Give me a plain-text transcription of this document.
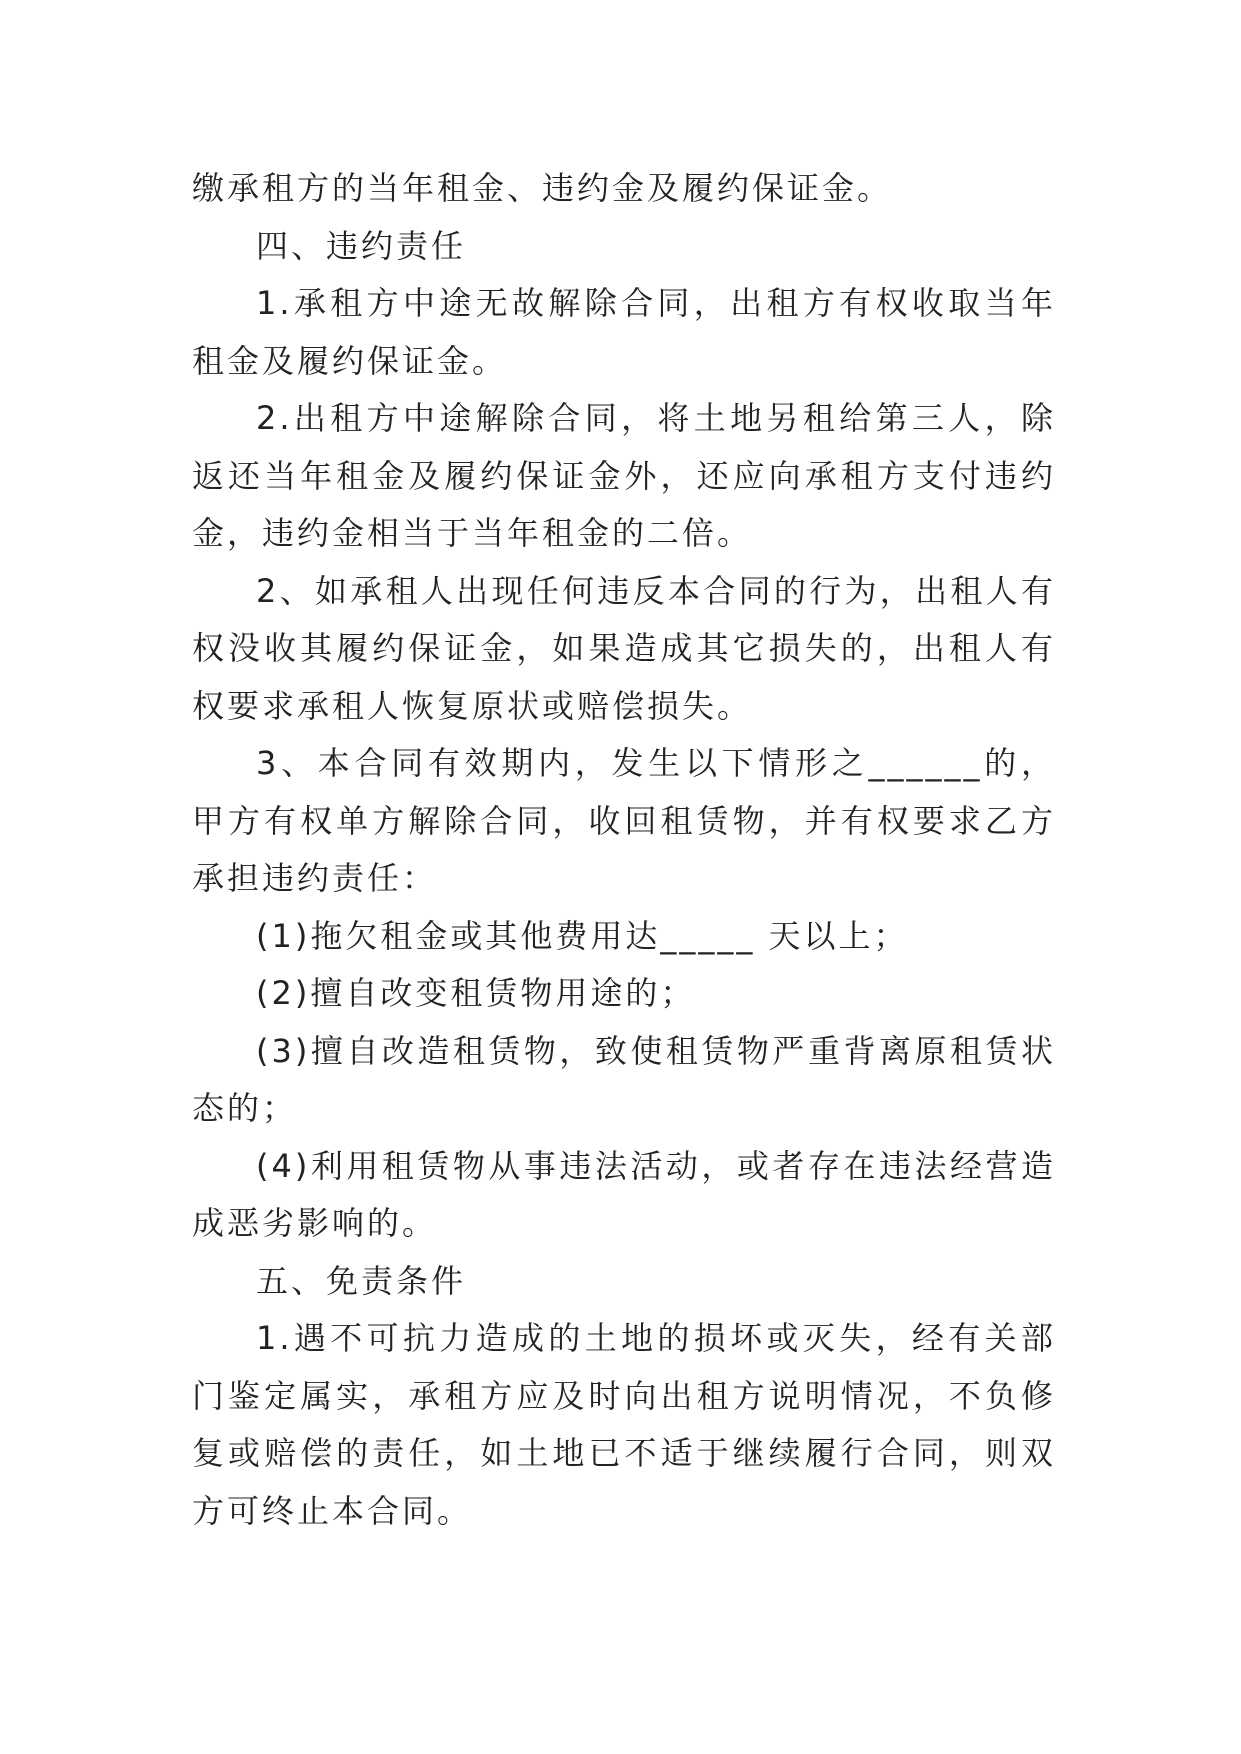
缴承租方的当年租金、违约金及履约保证金。

四、违约责任

1.承租方中途无故解除合同，出租方有权收取当年租金及履约保证金。

2.出租方中途解除合同，将土地另租给第三人，除返还当年租金及履约保证金外，还应向承租方支付违约金，违约金相当于当年租金的二倍。

2、如承租人出现任何违反本合同的行为，出租人有权没收其履约保证金，如果造成其它损失的，出租人有权要求承租人恢复原状或赔偿损失。

3、本合同有效期内，发生以下情形之______的，甲方有权单方解除合同，收回租赁物，并有权要求乙方承担违约责任：

(1)拖欠租金或其他费用达_____ 天以上；

(2)擅自改变租赁物用途的；

(3)擅自改造租赁物，致使租赁物严重背离原租赁状态的；

(4)利用租赁物从事违法活动，或者存在违法经营造成恶劣影响的。

五、免责条件

1.遇不可抗力造成的土地的损坏或灭失，经有关部门鉴定属实，承租方应及时向出租方说明情况，不负修复或赔偿的责任，如土地已不适于继续履行合同，则双方可终止本合同。
